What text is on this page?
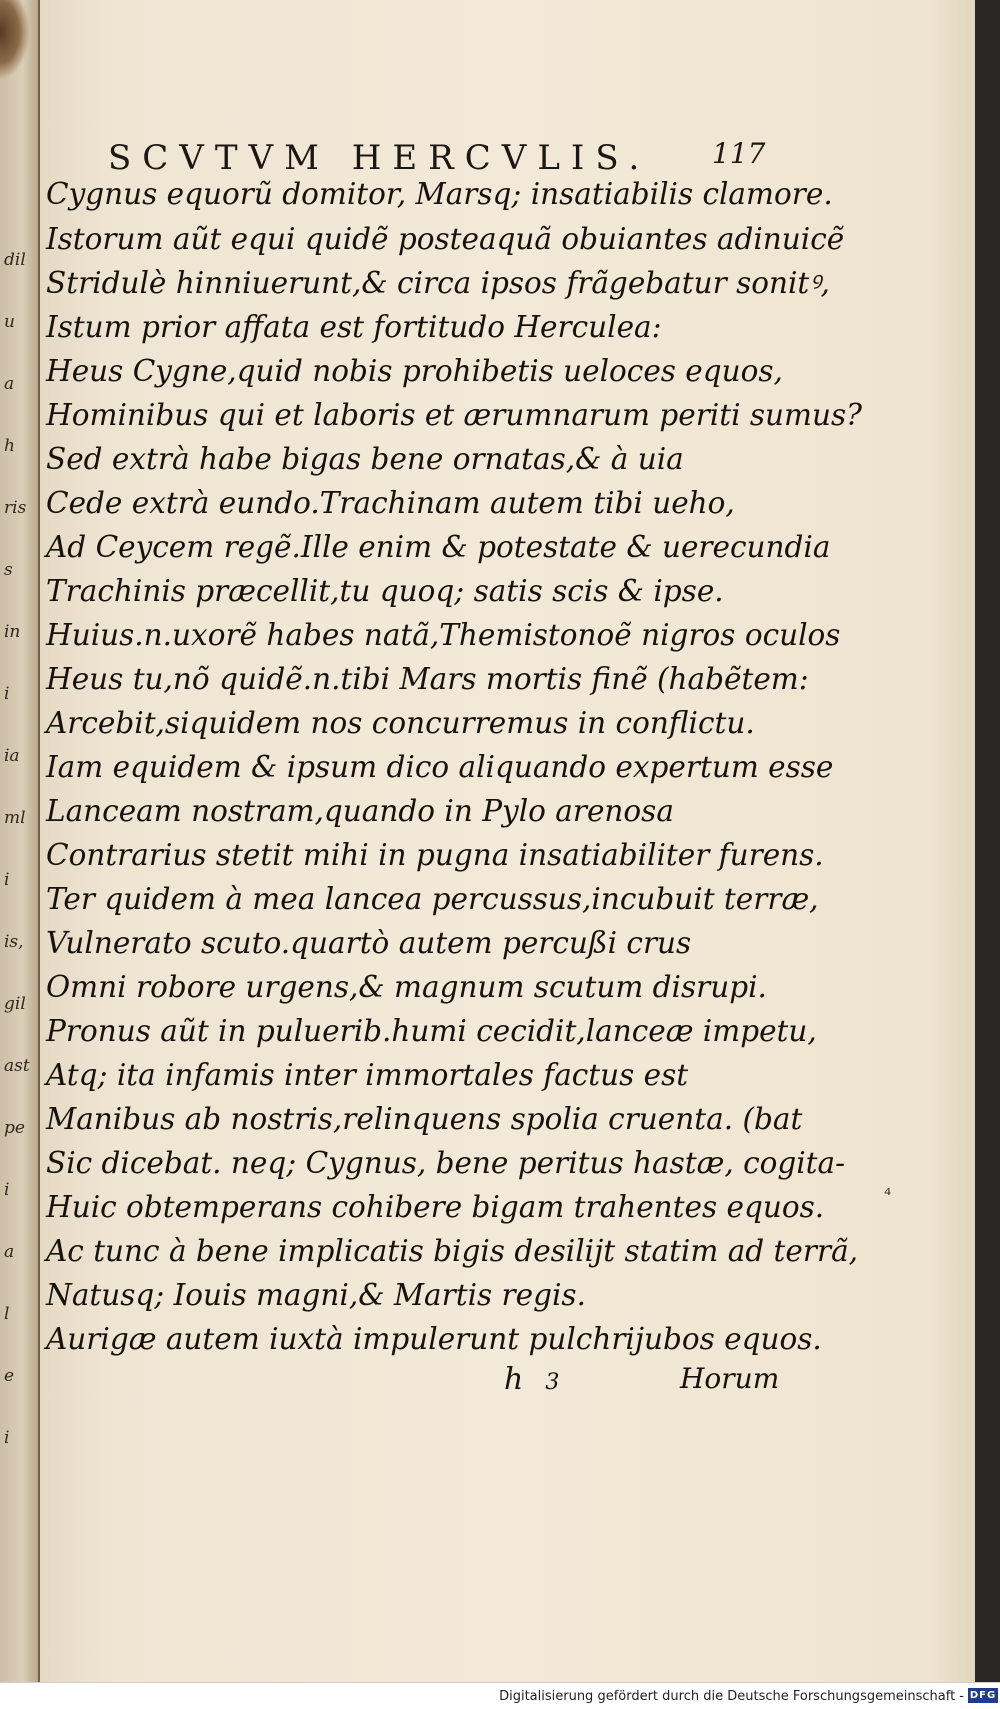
dil
u
a
h
ris
s
in
i
ia
ml
i
is,
gil
ast
pe
i
a
l
e
i
SCVTVM HERCVLIS. 117
Cygnus equorũ domitor, Marsq; insatiabilis clamore.
Istorum aũt equi quidẽ posteaquã obuiantes adinuicẽ
Stridulè hinniuerunt,& circa ipsos frãgebatur sonitꝰ,
Istum prior affata est fortitudo Herculea:
Heus Cygne,quid nobis prohibetis ueloces equos,
Hominibus qui et laboris et ærumnarum periti sumus?
Sed extrà habe bigas bene ornatas,& à uia
Cede extrà eundo.Trachinam autem tibi ueho,
Ad Ceycem regẽ.Ille enim & potestate & uerecundia
Trachinis præcellit,tu quoq; satis scis & ipse.
Huius.n.uxorẽ habes natã,Themistonoẽ nigros oculos
Heus tu,nõ quidẽ.n.tibi Mars mortis finẽ (habẽtem:
Arcebit,siquidem nos concurremus in conflictu.
Iam equidem & ipsum dico aliquando expertum esse
Lanceam nostram,quando in Pylo arenosa
Contrarius stetit mihi in pugna insatiabiliter furens.
Ter quidem à mea lancea percussus,incubuit terræ,
Vulnerato scuto.quartò autem percußi crus
Omni robore urgens,& magnum scutum disrupi.
Pronus aũt in puluerib.humi cecidit,lanceæ impetu,
Atq; ita infamis inter immortales factus est
Manibus ab nostris,relinquens spolia cruenta. (bat
Sic dicebat. neq; Cygnus, bene peritus hastæ, cogita-
Huic obtemperans cohibere bigam trahentes equos.
Ac tunc à bene implicatis bigis desilijt statim ad terrã,
Natusq; Iouis magni,& Martis regis.
Aurigæ autem iuxtà impulerunt pulchrijubos equos.
h 3	Horum
⁴
Digitalisierung gefördert durch die Deutsche Forschungsgemeinschaft - DFG
